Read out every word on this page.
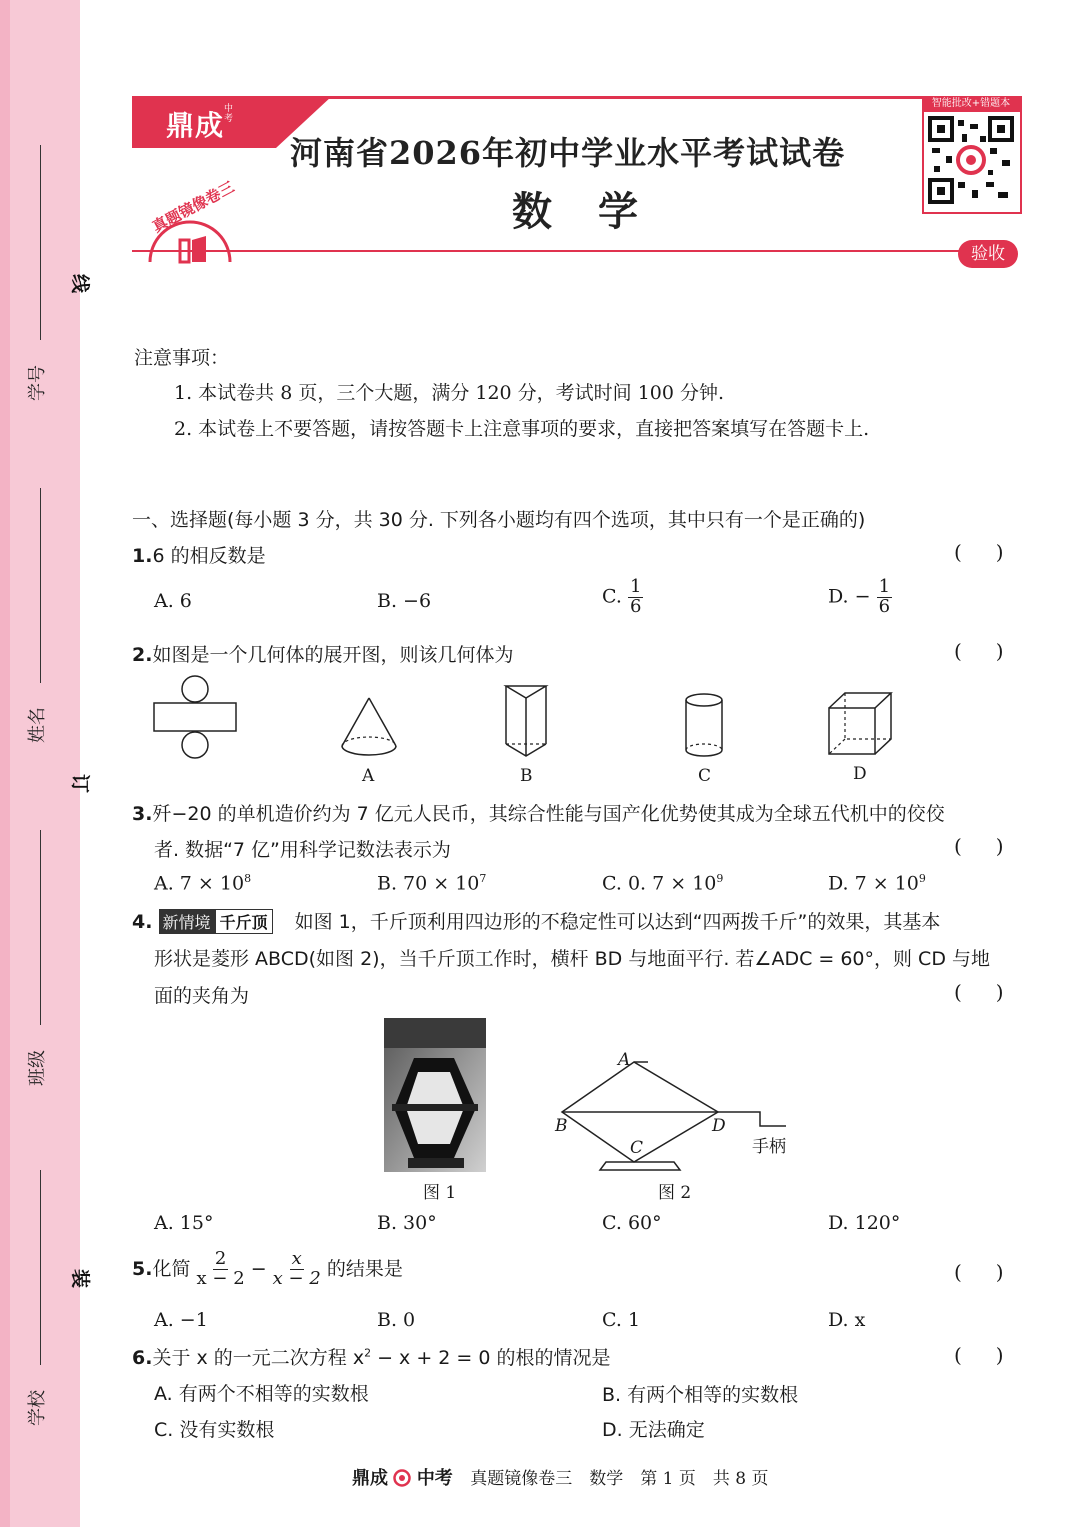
学号
姓名
班级
学校
线
订
装
鼎成 中考
河南省2026年初中学业水平考试试卷
数学
验收
真题镜像卷三
智能批改+错题本
注意事项：
1. 本试卷共 8 页，三个大题，满分 120 分，考试时间 100 分钟.
2. 本试卷上不要答题，请按答题卡上注意事项的要求，直接把答案填写在答题卡上.
一、选择题(每小题 3 分，共 30 分. 下列各小题均有四个选项，其中只有一个是正确的)
1.6 的相反数是	()
A. 6	B. −6	C. $\frac{1}{6}$	D. − $\frac{1}{6}$
2.如图是一个几何体的展开图，则该几何体为	()
A	B	C	D
3.歼−20 的单机造价约为 7 亿元人民币，其综合性能与国产化优势使其成为全球五代机中的佼佼
者. 数据“7 亿”用科学记数法表示为	()
A. $7 \times 10^8$	B. $70 \times 10^7$	C. 0. $7 \times 10^9$	D. $7 \times 10^9$
4. 新情境 千斤顶 如图 1，千斤顶利用四边形的不稳定性可以达到“四两拨千斤”的效果，其基本
形状是菱形 ABCD(如图 2)，当千斤顶工作时，横杆 BD 与地面平行. 若∠ADC = 60°，则 CD 与地
面的夹角为	()
图 1
A
B
C
D
手柄
图 2
A. 15°	B. 30°	C. 60°	D. 120°
5.化简 $\frac{2}{x - 2} - \frac{x}{x - 2}$ 的结果是	()
A. −1	B. 0	C. 1	D. x
6.关于 x 的一元二次方程 $x^2 - x + 2 = 0$ 的根的情况是	()
A. 有两个不相等的实数根	B. 有两个相等的实数根
C. 没有实数根	D. 无法确定
鼎成 中考 真题镜像卷三　数学　第 1 页　共 8 页
